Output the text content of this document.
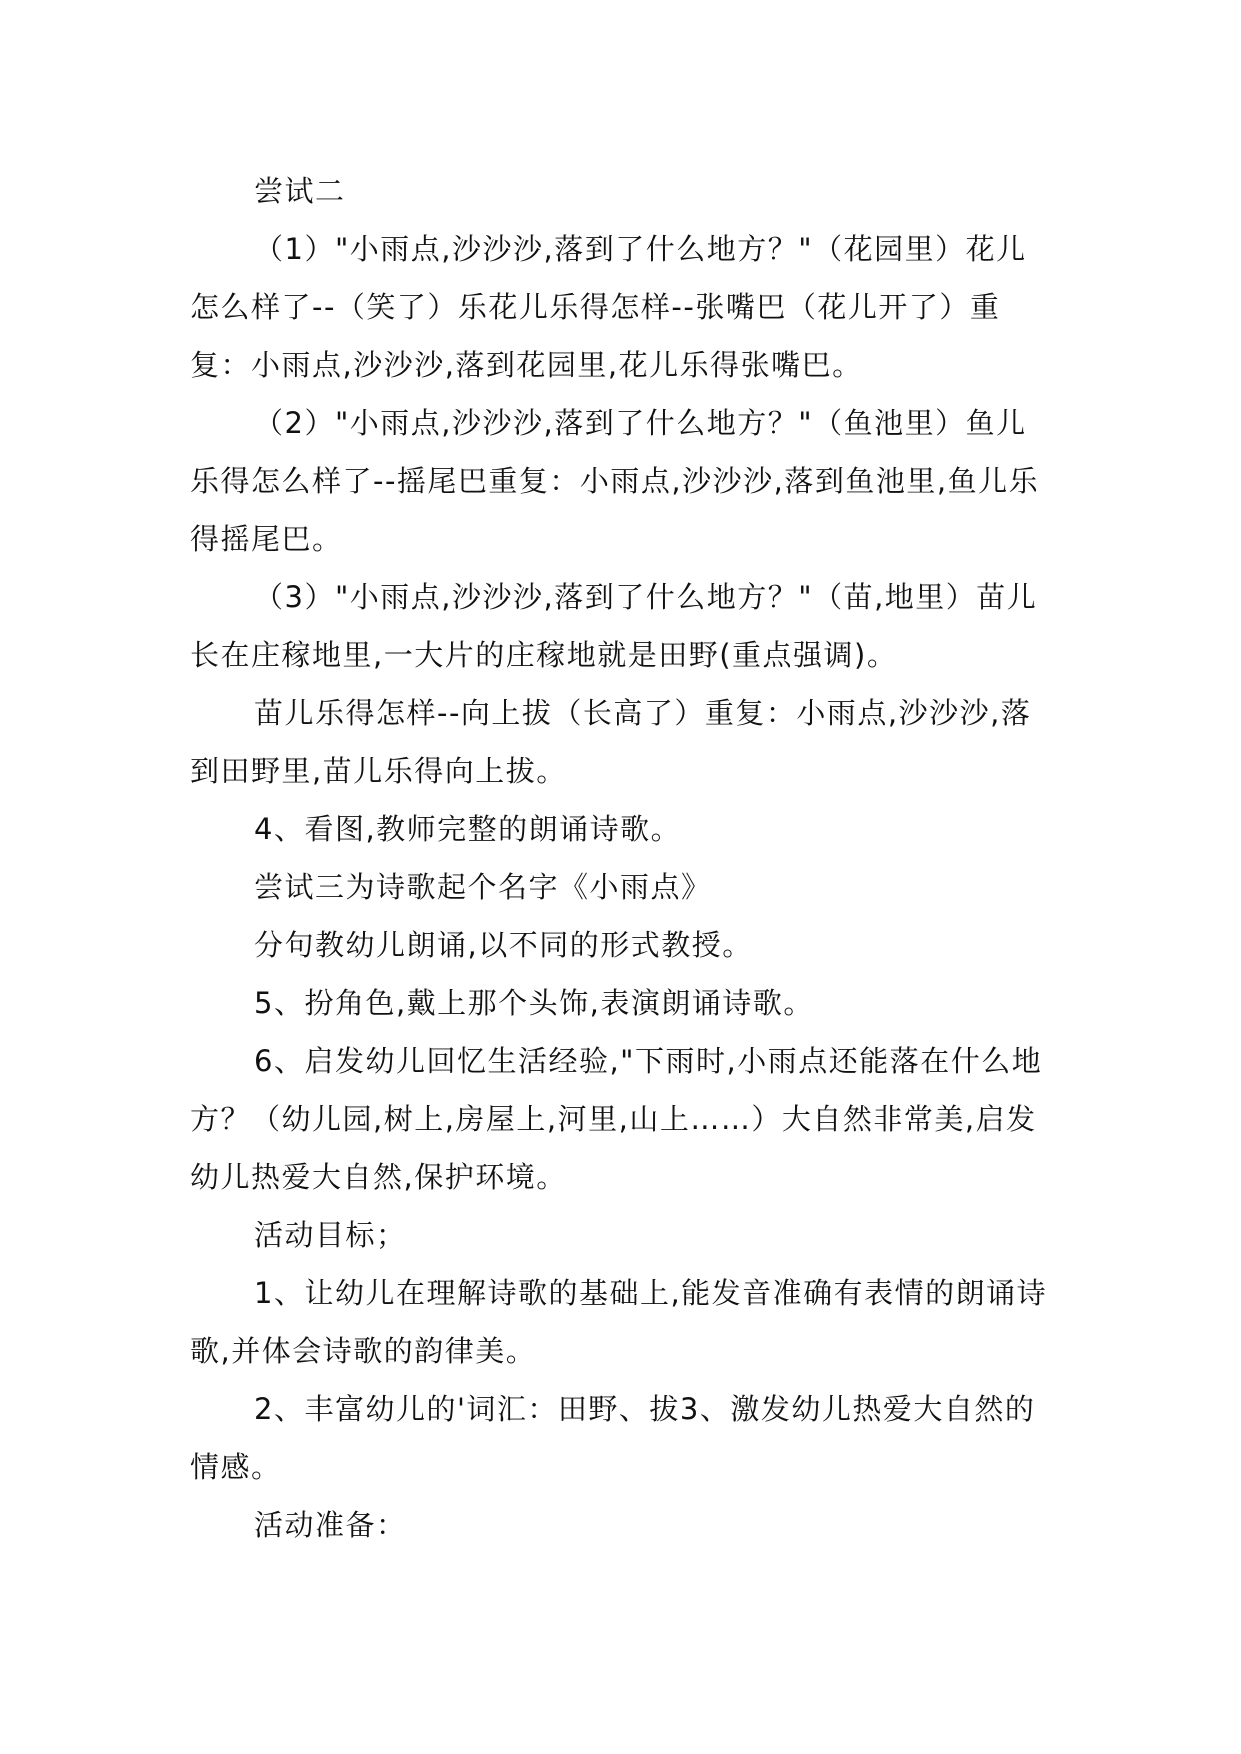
尝试二

（1）"小雨点,沙沙沙,落到了什么地方？"（花园里）花儿怎么样了--（笑了）乐花儿乐得怎样--张嘴巴（花儿开了）重复：小雨点,沙沙沙,落到花园里,花儿乐得张嘴巴。

（2）"小雨点,沙沙沙,落到了什么地方？"（鱼池里）鱼儿乐得怎么样了--摇尾巴重复：小雨点,沙沙沙,落到鱼池里,鱼儿乐得摇尾巴。

（3）"小雨点,沙沙沙,落到了什么地方？"（苗,地里）苗儿长在庄稼地里,一大片的庄稼地就是田野(重点强调)。

苗儿乐得怎样--向上拔（长高了）重复：小雨点,沙沙沙,落到田野里,苗儿乐得向上拔。

4、看图,教师完整的朗诵诗歌。

尝试三为诗歌起个名字《小雨点》

分句教幼儿朗诵,以不同的形式教授。

5、扮角色,戴上那个头饰,表演朗诵诗歌。

6、启发幼儿回忆生活经验,"下雨时,小雨点还能落在什么地方？（幼儿园,树上,房屋上,河里,山上……）大自然非常美,启发幼儿热爱大自然,保护环境。

活动目标；

1、让幼儿在理解诗歌的基础上,能发音准确有表情的朗诵诗歌,并体会诗歌的韵律美。

2、丰富幼儿的'词汇：田野、拔3、激发幼儿热爱大自然的情感。

活动准备：
